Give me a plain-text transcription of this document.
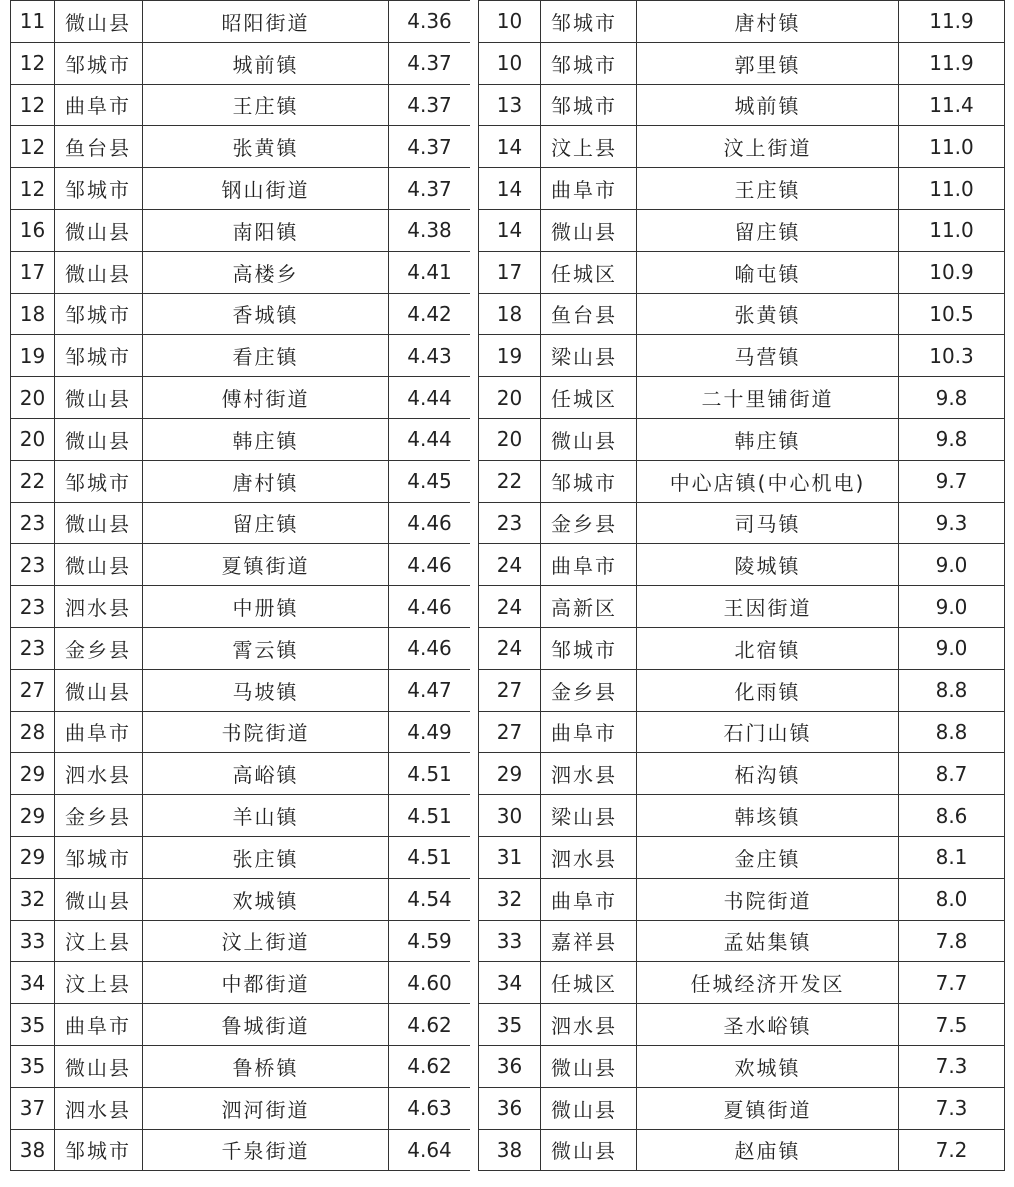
11	微山县	昭阳街道	4.36
12	邹城市	城前镇	4.37
12	曲阜市	王庄镇	4.37
12	鱼台县	张黄镇	4.37
12	邹城市	钢山街道	4.37
16	微山县	南阳镇	4.38
17	微山县	高楼乡	4.41
18	邹城市	香城镇	4.42
19	邹城市	看庄镇	4.43
20	微山县	傅村街道	4.44
20	微山县	韩庄镇	4.44
22	邹城市	唐村镇	4.45
23	微山县	留庄镇	4.46
23	微山县	夏镇街道	4.46
23	泗水县	中册镇	4.46
23	金乡县	霄云镇	4.46
27	微山县	马坡镇	4.47
28	曲阜市	书院街道	4.49
29	泗水县	高峪镇	4.51
29	金乡县	羊山镇	4.51
29	邹城市	张庄镇	4.51
32	微山县	欢城镇	4.54
33	汶上县	汶上街道	4.59
34	汶上县	中都街道	4.60
35	曲阜市	鲁城街道	4.62
35	微山县	鲁桥镇	4.62
37	泗水县	泗河街道	4.63
38	邹城市	千泉街道	4.64
10	邹城市	唐村镇	11.9
10	邹城市	郭里镇	11.9
13	邹城市	城前镇	11.4
14	汶上县	汶上街道	11.0
14	曲阜市	王庄镇	11.0
14	微山县	留庄镇	11.0
17	任城区	喻屯镇	10.9
18	鱼台县	张黄镇	10.5
19	梁山县	马营镇	10.3
20	任城区	二十里铺街道	9.8
20	微山县	韩庄镇	9.8
22	邹城市	中心店镇(中心机电)	9.7
23	金乡县	司马镇	9.3
24	曲阜市	陵城镇	9.0
24	高新区	王因街道	9.0
24	邹城市	北宿镇	9.0
27	金乡县	化雨镇	8.8
27	曲阜市	石门山镇	8.8
29	泗水县	柘沟镇	8.7
30	梁山县	韩垓镇	8.6
31	泗水县	金庄镇	8.1
32	曲阜市	书院街道	8.0
33	嘉祥县	孟姑集镇	7.8
34	任城区	任城经济开发区	7.7
35	泗水县	圣水峪镇	7.5
36	微山县	欢城镇	7.3
36	微山县	夏镇街道	7.3
38	微山县	赵庙镇	7.2
